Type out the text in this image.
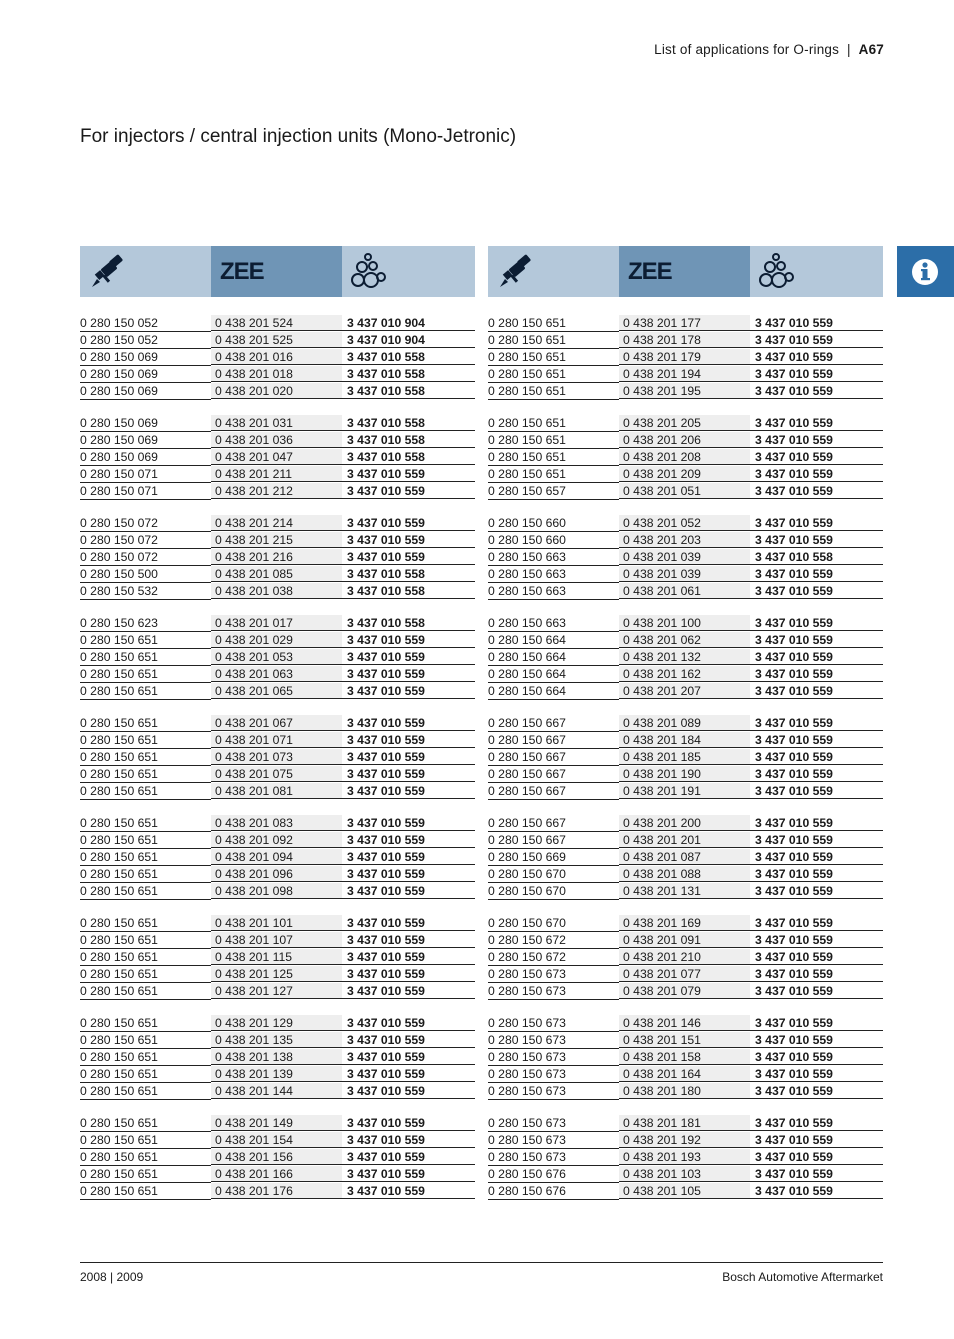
List of applications for O-rings | A67
For injectors / central injection units (Mono-Jetronic)
ZEE
0 280 150 052	0 438 201 524	3 437 010 904
0 280 150 052	0 438 201 525	3 437 010 904
0 280 150 069	0 438 201 016	3 437 010 558
0 280 150 069	0 438 201 018	3 437 010 558
0 280 150 069	0 438 201 020	3 437 010 558
0 280 150 069	0 438 201 031	3 437 010 558
0 280 150 069	0 438 201 036	3 437 010 558
0 280 150 069	0 438 201 047	3 437 010 558
0 280 150 071	0 438 201 211	3 437 010 559
0 280 150 071	0 438 201 212	3 437 010 559
0 280 150 072	0 438 201 214	3 437 010 559
0 280 150 072	0 438 201 215	3 437 010 559
0 280 150 072	0 438 201 216	3 437 010 559
0 280 150 500	0 438 201 085	3 437 010 558
0 280 150 532	0 438 201 038	3 437 010 558
0 280 150 623	0 438 201 017	3 437 010 558
0 280 150 651	0 438 201 029	3 437 010 559
0 280 150 651	0 438 201 053	3 437 010 559
0 280 150 651	0 438 201 063	3 437 010 559
0 280 150 651	0 438 201 065	3 437 010 559
0 280 150 651	0 438 201 067	3 437 010 559
0 280 150 651	0 438 201 071	3 437 010 559
0 280 150 651	0 438 201 073	3 437 010 559
0 280 150 651	0 438 201 075	3 437 010 559
0 280 150 651	0 438 201 081	3 437 010 559
0 280 150 651	0 438 201 083	3 437 010 559
0 280 150 651	0 438 201 092	3 437 010 559
0 280 150 651	0 438 201 094	3 437 010 559
0 280 150 651	0 438 201 096	3 437 010 559
0 280 150 651	0 438 201 098	3 437 010 559
0 280 150 651	0 438 201 101	3 437 010 559
0 280 150 651	0 438 201 107	3 437 010 559
0 280 150 651	0 438 201 115	3 437 010 559
0 280 150 651	0 438 201 125	3 437 010 559
0 280 150 651	0 438 201 127	3 437 010 559
0 280 150 651	0 438 201 129	3 437 010 559
0 280 150 651	0 438 201 135	3 437 010 559
0 280 150 651	0 438 201 138	3 437 010 559
0 280 150 651	0 438 201 139	3 437 010 559
0 280 150 651	0 438 201 144	3 437 010 559
0 280 150 651	0 438 201 149	3 437 010 559
0 280 150 651	0 438 201 154	3 437 010 559
0 280 150 651	0 438 201 156	3 437 010 559
0 280 150 651	0 438 201 166	3 437 010 559
0 280 150 651	0 438 201 176	3 437 010 559
ZEE
0 280 150 651	0 438 201 177	3 437 010 559
0 280 150 651	0 438 201 178	3 437 010 559
0 280 150 651	0 438 201 179	3 437 010 559
0 280 150 651	0 438 201 194	3 437 010 559
0 280 150 651	0 438 201 195	3 437 010 559
0 280 150 651	0 438 201 205	3 437 010 559
0 280 150 651	0 438 201 206	3 437 010 559
0 280 150 651	0 438 201 208	3 437 010 559
0 280 150 651	0 438 201 209	3 437 010 559
0 280 150 657	0 438 201 051	3 437 010 559
0 280 150 660	0 438 201 052	3 437 010 559
0 280 150 660	0 438 201 203	3 437 010 559
0 280 150 663	0 438 201 039	3 437 010 558
0 280 150 663	0 438 201 039	3 437 010 559
0 280 150 663	0 438 201 061	3 437 010 559
0 280 150 663	0 438 201 100	3 437 010 559
0 280 150 664	0 438 201 062	3 437 010 559
0 280 150 664	0 438 201 132	3 437 010 559
0 280 150 664	0 438 201 162	3 437 010 559
0 280 150 664	0 438 201 207	3 437 010 559
0 280 150 667	0 438 201 089	3 437 010 559
0 280 150 667	0 438 201 184	3 437 010 559
0 280 150 667	0 438 201 185	3 437 010 559
0 280 150 667	0 438 201 190	3 437 010 559
0 280 150 667	0 438 201 191	3 437 010 559
0 280 150 667	0 438 201 200	3 437 010 559
0 280 150 667	0 438 201 201	3 437 010 559
0 280 150 669	0 438 201 087	3 437 010 559
0 280 150 670	0 438 201 088	3 437 010 559
0 280 150 670	0 438 201 131	3 437 010 559
0 280 150 670	0 438 201 169	3 437 010 559
0 280 150 672	0 438 201 091	3 437 010 559
0 280 150 672	0 438 201 210	3 437 010 559
0 280 150 673	0 438 201 077	3 437 010 559
0 280 150 673	0 438 201 079	3 437 010 559
0 280 150 673	0 438 201 146	3 437 010 559
0 280 150 673	0 438 201 151	3 437 010 559
0 280 150 673	0 438 201 158	3 437 010 559
0 280 150 673	0 438 201 164	3 437 010 559
0 280 150 673	0 438 201 180	3 437 010 559
0 280 150 673	0 438 201 181	3 437 010 559
0 280 150 673	0 438 201 192	3 437 010 559
0 280 150 673	0 438 201 193	3 437 010 559
0 280 150 676	0 438 201 103	3 437 010 559
0 280 150 676	0 438 201 105	3 437 010 559
2008 | 2009	Bosch Automotive Aftermarket
